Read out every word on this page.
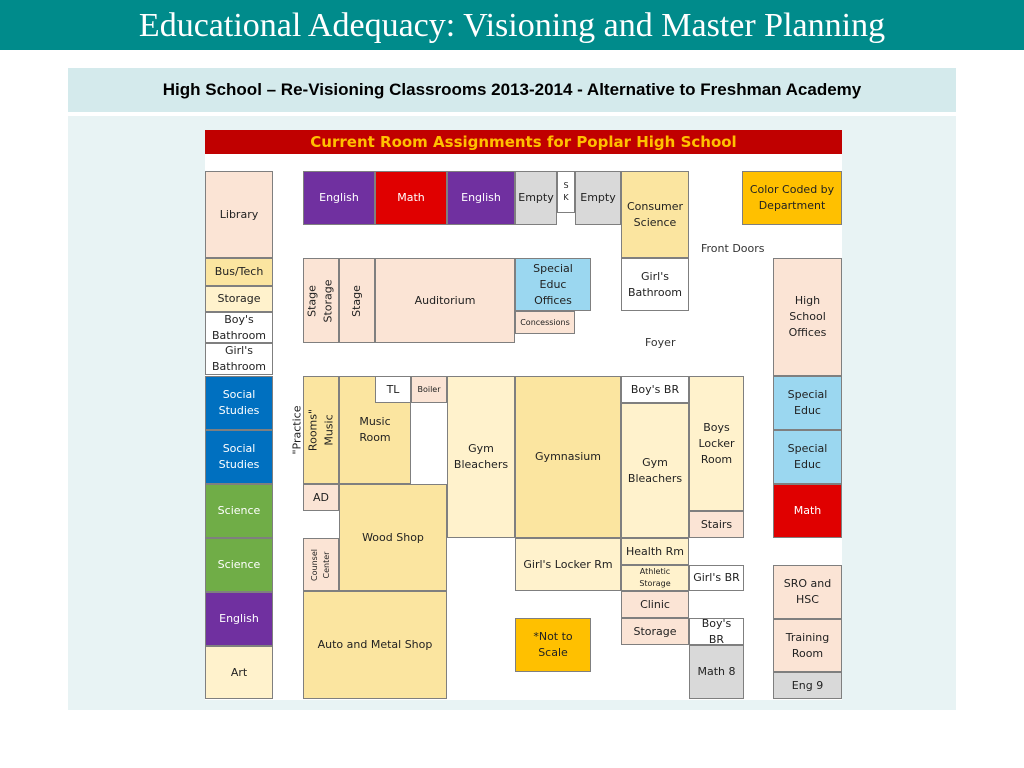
Educational Adequacy: Visioning and Master Planning
High School – Re-Visioning Classrooms 2013-2014 - Alternative to Freshman Academy
Current Room Assignments for Poplar High School
Front Doors
Foyer
Library
English	Math	English Empty
S K	Empty
Consumer Science
Color Coded by Department
Bus/Tech
Storage
Boy's Bathroom
Girl's Bathroom
Stage Storage Stage	Auditorium
Special Educ Offices
Concessions
Girl's Bathroom
High School Offices
Social Studies
Social Studies
"Practice Rooms" Music	Music Room
TL	Boiler
Gym Bleachers
Gymnasium
Boy's BR
Gym Bleachers
Boys Locker Room
Special Educ
Special Educ
AD
Science
Wood Shop
Math
Stairs
Science	Counsel Center	Girl's Locker Rm
Health Rm
Athletic Storage	Girl's BR	SRO and HSC
English
Clinic
Auto and Metal Shop
*Not to Scale
Storage
Boy's BR	Training Room
Art	Math 8
Eng 9
